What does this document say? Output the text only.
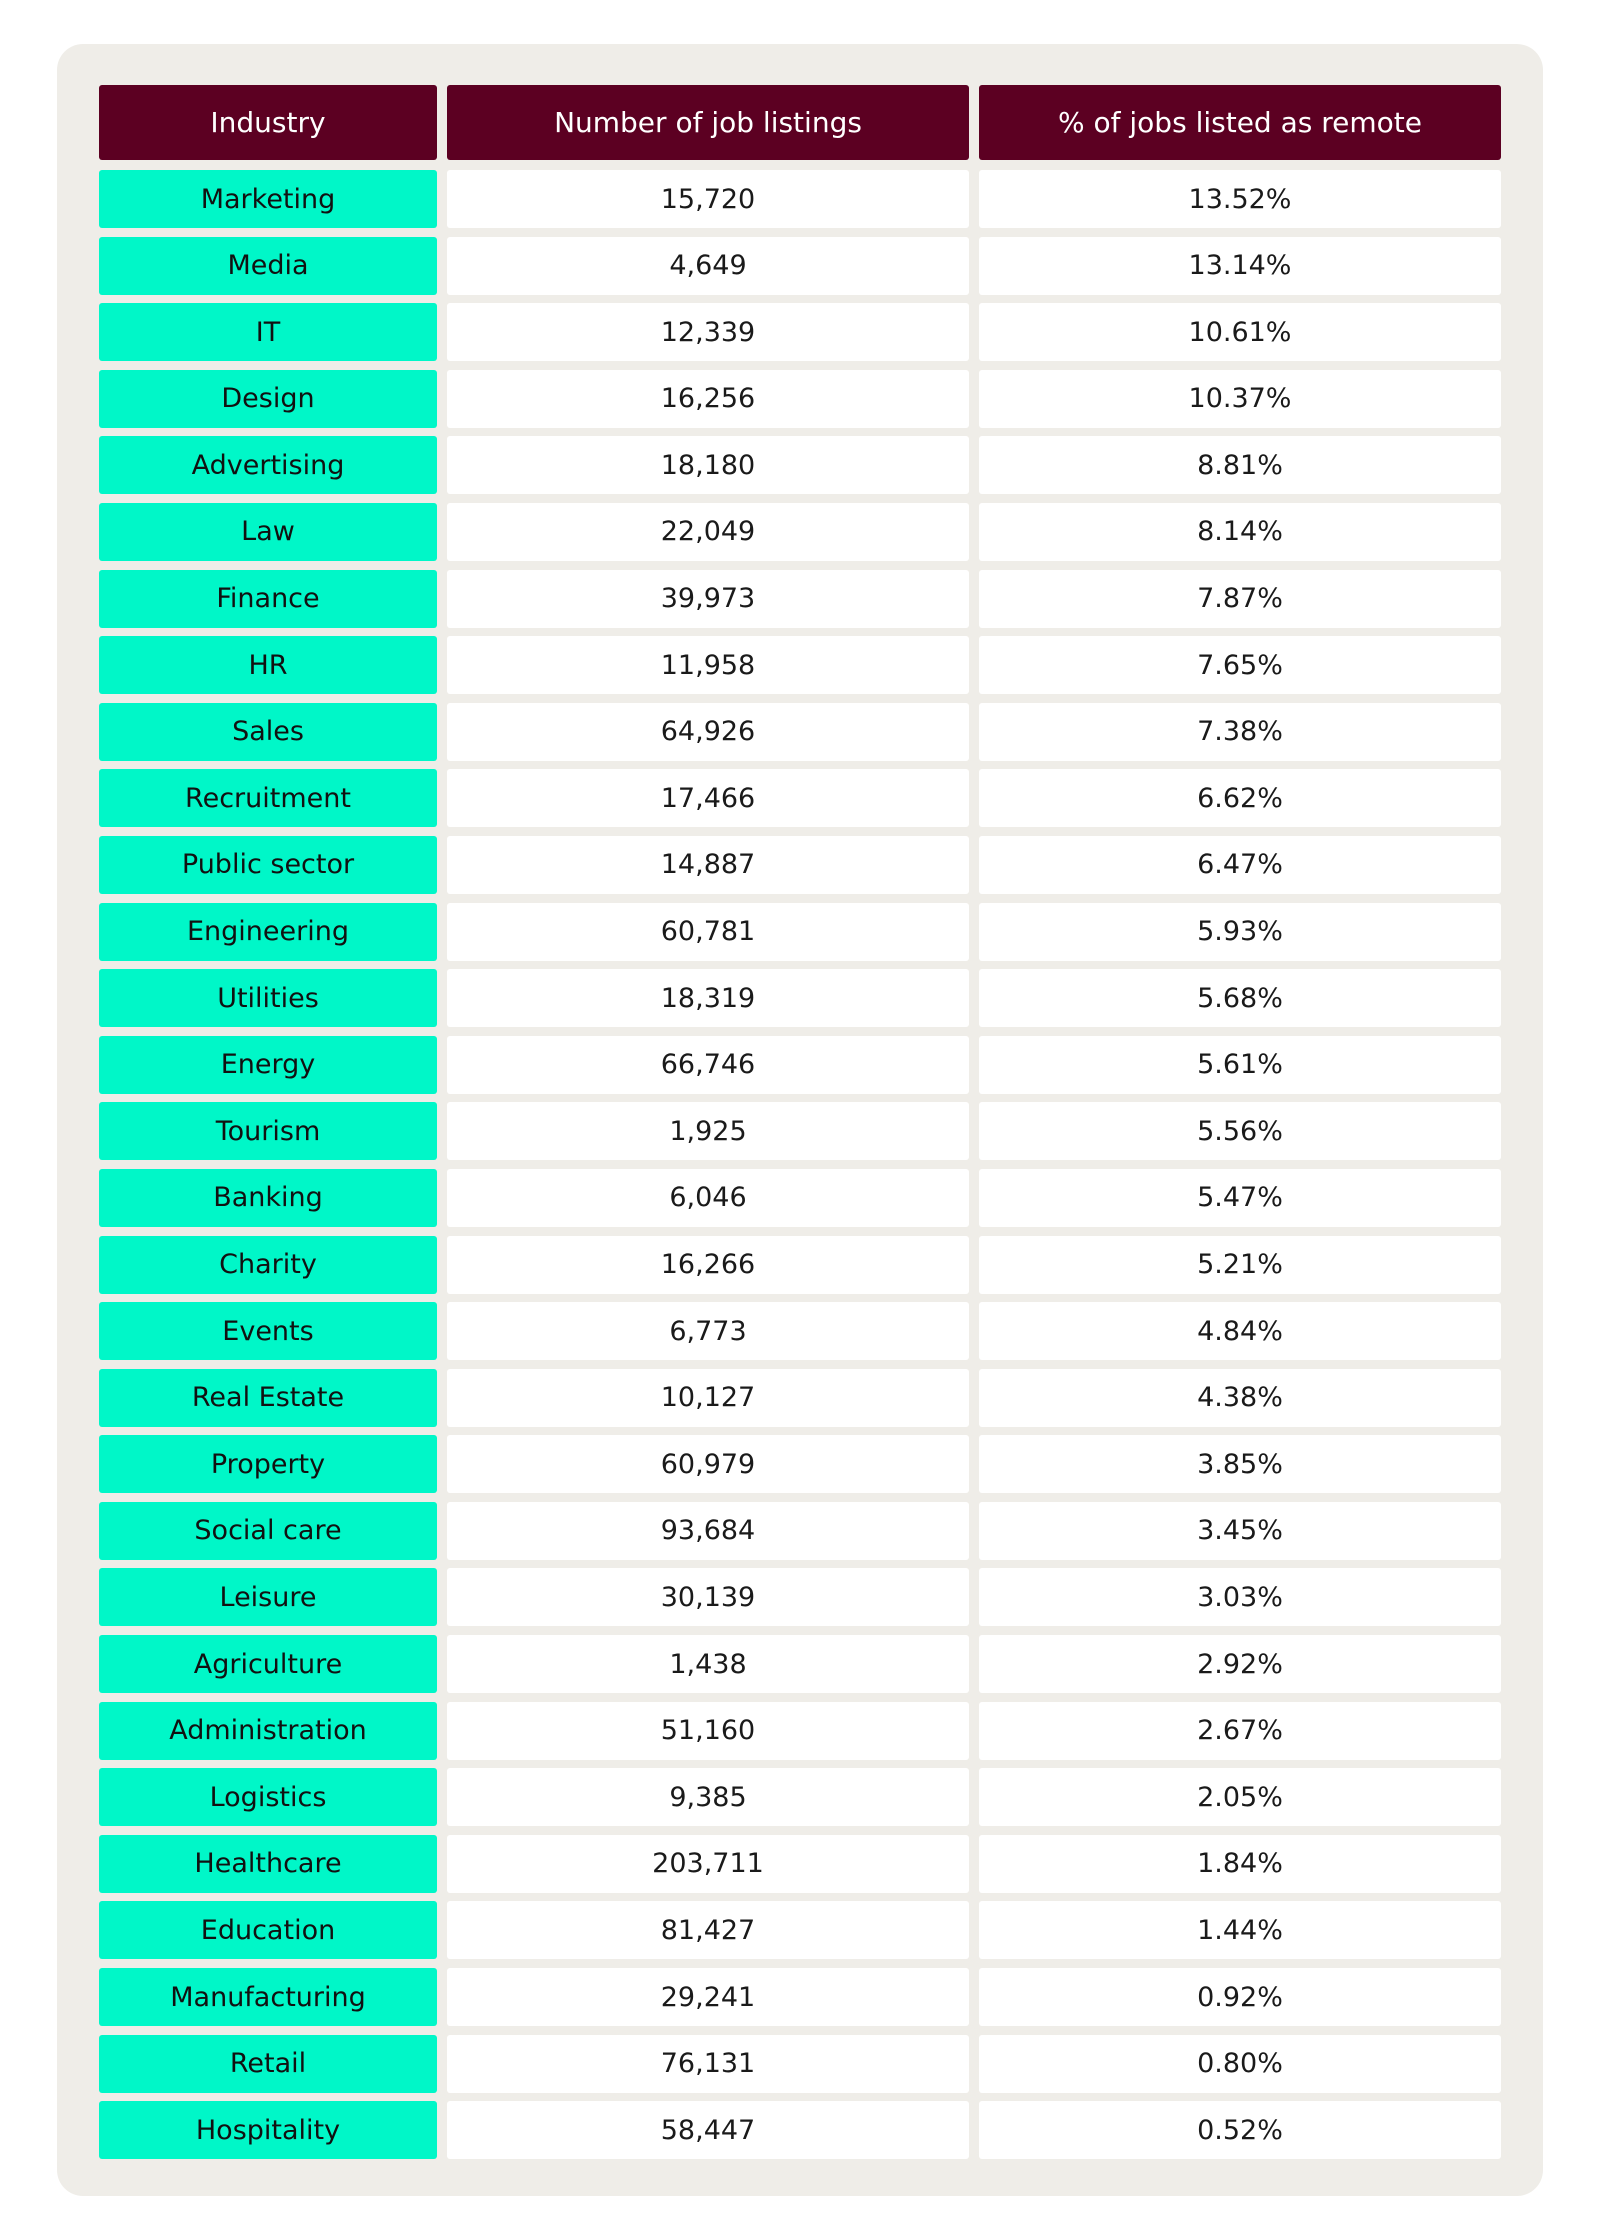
Industry	Number of job listings	% of jobs listed as remote
Marketing	15,720	13.52%
Media	4,649	13.14%
IT	12,339	10.61%
Design	16,256	10.37%
Advertising	18,180	8.81%
Law	22,049	8.14%
Finance	39,973	7.87%
HR	11,958	7.65%
Sales	64,926	7.38%
Recruitment	17,466	6.62%
Public sector	14,887	6.47%
Engineering	60,781	5.93%
Utilities	18,319	5.68%
Energy	66,746	5.61%
Tourism	1,925	5.56%
Banking	6,046	5.47%
Charity	16,266	5.21%
Events	6,773	4.84%
Real Estate	10,127	4.38%
Property	60,979	3.85%
Social care	93,684	3.45%
Leisure	30,139	3.03%
Agriculture	1,438	2.92%
Administration	51,160	2.67%
Logistics	9,385	2.05%
Healthcare	203,711	1.84%
Education	81,427	1.44%
Manufacturing	29,241	0.92%
Retail	76,131	0.80%
Hospitality	58,447	0.52%
